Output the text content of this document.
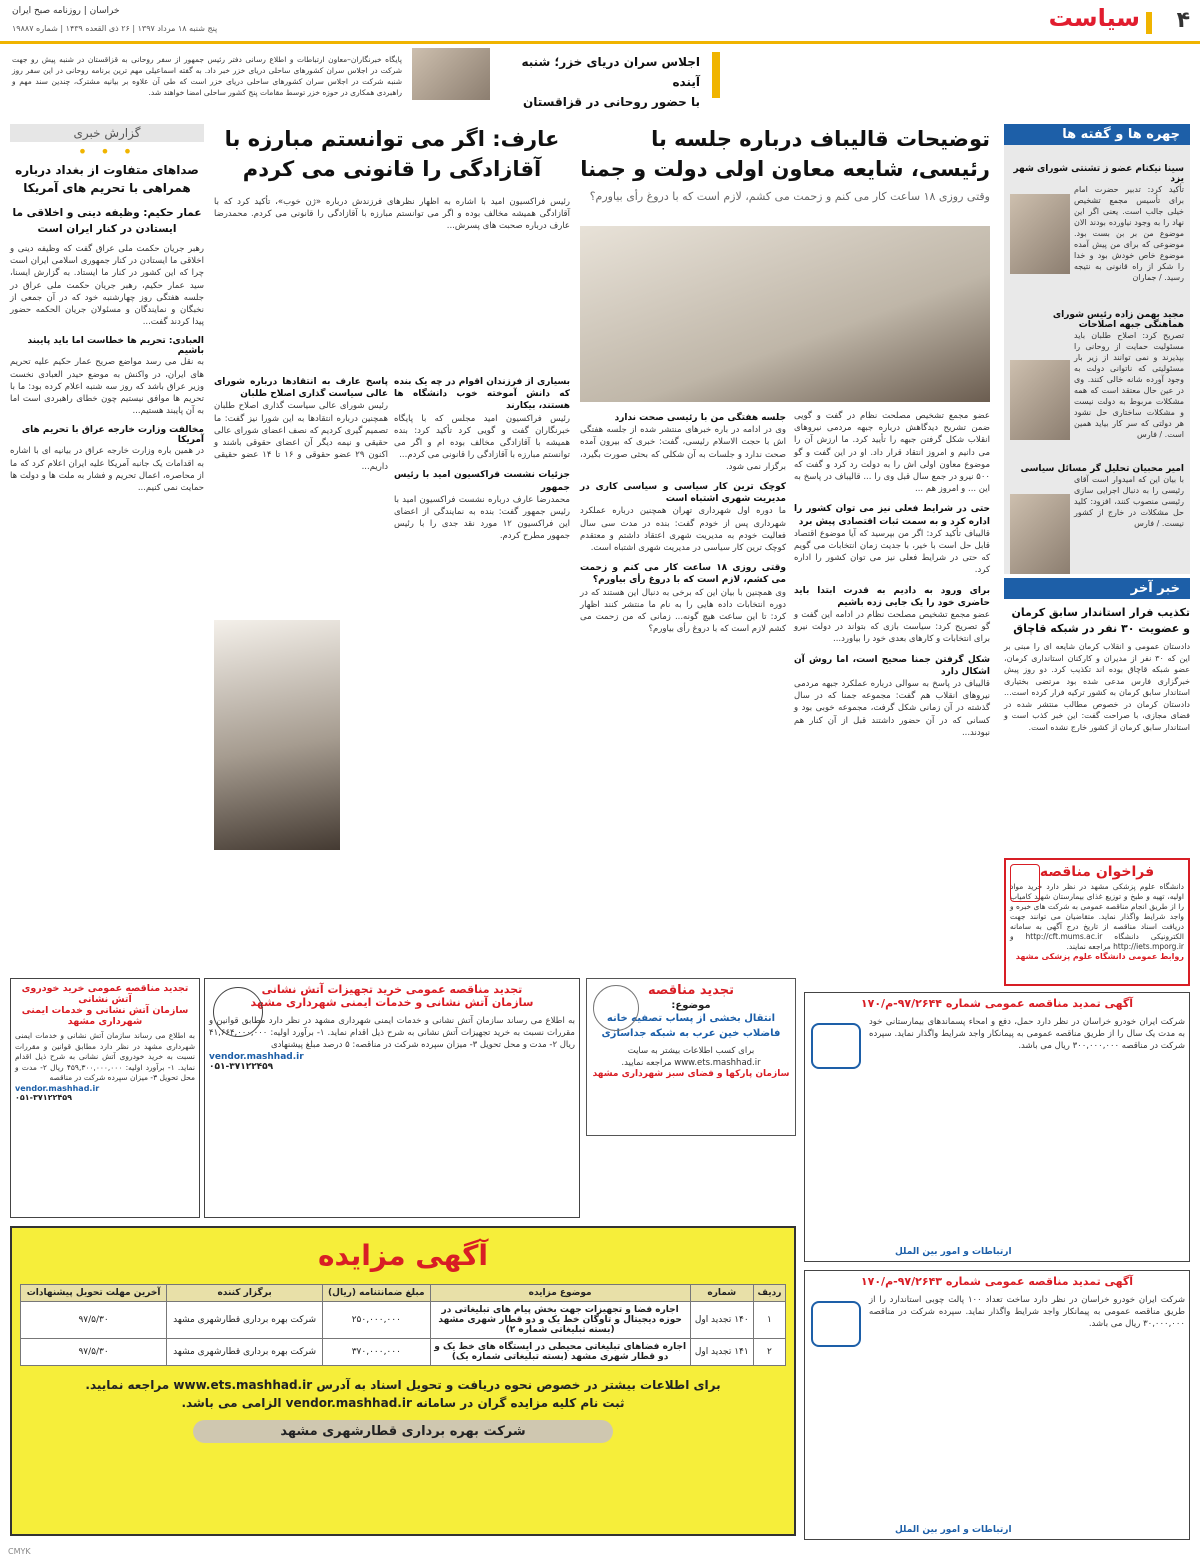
۴
سیاست
خراسان | روزنامه صبح ایران
پنج شنبه ۱۸ مرداد ۱۳۹۷ | ۲۶ ذی القعده ۱۴۳۹ | شماره ۱۹۸۸۷
اجلاس سران دریای خزر؛ شنبه آینده
با حضور روحانی در قزاقستان
پایگاه خبرنگاران–معاون ارتباطات و اطلاع رسانی دفتر رئیس جمهور از سفر روحانی به قزاقستان در شنبه پیش رو جهت شرکت در اجلاس سران کشورهای ساحلی دریای خزر خبر داد. به گفته اسماعیلی مهم ترین برنامه روحانی در این سفر روز شنبه شرکت در اجلاس سران کشورهای ساحلی دریای خزر است که طی آن علاوه بر بیانیه مشترک، چندین سند مهم و راهبردی همکاری در حوزه خزر توسط مقامات پنج کشور ساحلی امضا خواهند شد.
چهره ها و گفته ها
سینا نیکنام عضو ز تشنتی شورای شهر یزد
تأکید کرد: تدبیر حضرت امام برای تأسیس مجمع تشخیص خیلی جالب است. یعنی اگر این نهاد را به وجود نیاورده بودند الان موضوع من بر بن بست بود. موضوعی که برای من پیش آمده موضوع خاص خودش بود و خدا را شکر از راه قانونی به نتیجه رسید. / جماران
مجید بهمن زاده رئیس شورای هماهنگی جبهه اصلاحات
تصریح کرد: اصلاح طلبان باید مسئولیت حمایت از روحانی را بپذیرند و نمی توانند از زیر بار مسئولیتی که ناتوانی دولت به وجود آورده شانه خالی کنند. وی در عین حال معتقد است که همه مشکلات مربوط به دولت نیست و مشکلات ساختاری حل نشود هر دولتی که سر کار بیاید همین است. / فارس
امیر محبیان تحلیل گر مسائل سیاسی
با بیان این که امیدوار است آقای رئیسی را به دنبال اجرایی سازی رئیسی منصوب کنند، افزود: کلید حل مشکلات در خارج از کشور نیست. / فارس
خبر آخر
تکذیب فرار استاندار سابق کرمان و عضویت ۳۰ نفر در شبکه قاچاق
دادستان عمومی و انقلاب کرمان شایعه ای را مبنی بر این که ۳۰ نفر از مدیران و کارکنان استانداری کرمان، عضو شبکه قاچاق بوده اند تکذیب کرد. دو روز پیش خبرگزاری فارس مدعی شده بود مرتضی بختیاری استاندار سابق کرمان به کشور ترکیه فرار کرده است... دادستان کرمان در خصوص مطالب منتشر شده در فضای مجازی، با صراحت گفت: این خبر کذب است و استاندار سابق کرمان از کشور خارج نشده است.
فراخوان مناقصه
دانشگاه علوم پزشکی مشهد در نظر دارد خرید مواد اولیه، تهیه و طبخ و توزیع غذای بیمارستان شهید کامیاب را از طریق انجام مناقصه عمومی به شرکت های خبره و واجد شرایط واگذار نماید. متقاضیان می توانند جهت دریافت اسناد مناقصه از تاریخ درج آگهی به سامانه الکترونیکی دانشگاه http://cft.mums.ac.ir و http://iets.mporg.ir مراجعه نمایند.
روابط عمومی دانشگاه علوم پزشکی مشهد
آگهی تمدید مناقصه عمومی شماره ۹۷/۲۶۴۴-م/۱۷۰
شرکت ایران خودرو خراسان در نظر دارد حمل، دفع و امحاء پسماندهای بیمارستانی خود به مدت یک سال را از طریق مناقصه عمومی به پیمانکار واجد شرایط واگذار نماید. سپرده شرکت در مناقصه ۳۰۰,۰۰۰,۰۰۰ ریال می باشد.
ارتباطات و امور بین الملل
آگهی تمدید مناقصه عمومی شماره ۹۷/۲۶۴۳-م/۱۷۰
شرکت ایران خودرو خراسان در نظر دارد ساخت تعداد ۱۰۰ پالت چوبی استاندارد را از طریق مناقصه عمومی به پیمانکار واجد شرایط واگذار نماید. سپرده شرکت در مناقصه ۳۰,۰۰۰,۰۰۰ ریال می باشد.
ارتباطات و امور بین الملل
توضیحات قالیباف درباره جلسه با رئیسی، شایعه معاون اولی دولت و جمنا
وقتی روزی ۱۸ ساعت کار می کنم و زحمت می کشم، لازم است که با دروغ رأی بیاورم؟
عضو مجمع تشخیص مصلحت نظام در گفت و گویی ضمن تشریح دیدگاهش درباره جبهه مردمی نیروهای انقلاب شکل گرفتن جبهه را تأیید کرد. ما ارزش آن را می دانیم و امروز انتقاد قرار داد. او در این گفت و گو موضوع معاون اولی اش را به دولت رد کرد و گفت که ۵۰۰ نیرو در جمع سال قبل وی را ... قالیباف در پاسخ به این ... و امروز هم ...
حتی در شرایط فعلی نیز می توان کشور را اداره کرد و به سمت ثبات اقتصادی پیش برد
قالیباف تأکید کرد: اگر من بپرسید که آیا موضوع اقتصاد قابل حل است با خیر، با جدیت زمان انتخابات می گویم که حتی در شرایط فعلی نیز می توان کشور را اداره کرد.
برای ورود به دادیم به قدرت ابتدا باید حاضری خود را یک جایی زده باشیم
عضو مجمع تشخیص مصلحت نظام در ادامه این گفت و گو تصریح کرد: سیاست بازی که بتواند در دولت نیرو برای انتخابات و کارهای بعدی خود را بیاورد...
شکل گرفتن جمنا صحیح است، اما روش آن اشکال دارد
قالیباف در پاسخ به سوالی درباره عملکرد جبهه مردمی نیروهای انقلاب هم گفت: مجموعه جمنا که در سال گذشته در آن زمانی شکل گرفت، مجموعه خوبی بود و کسانی که در آن حضور داشتند قبل از آن کنار هم نبودند...
جلسه هفتگی من با رئیسی صحت ندارد
وی در ادامه در باره خبرهای منتشر شده از جلسه هفتگی اش با حجت الاسلام رئیسی، گفت: خبری که بیرون آمده صحت ندارد و جلسات به آن شکلی که بحثی صورت بگیرد، برگزار نمی شود.
کوچک ترین کار سیاسی و سیاسی کاری در مدیریت شهری اشتباه است
ما دوره اول شهرداری تهران همچنین درباره عملکرد شهرداری پس از خودم گفت: بنده در مدت سی سال فعالیت خودم به مدیریت شهری اعتقاد داشتم و معتقدم کوچک ترین کار سیاسی در مدیریت شهری اشتباه است.
وقتی روزی ۱۸ ساعت کار می کنم و زحمت می کشم، لازم است که با دروغ رأی بیاورم؟
وی همچنین با بیان این که برخی به دنبال این هستند که در دوره انتخابات داده هایی را به نام ما منتشر کنند اظهار کرد: تا این ساعت هیچ گونه... زمانی که من زحمت می کشم لازم است که با دروغ رأی بیاورم؟
عارف: اگر می توانستم مبارزه با آقازادگی را قانونی می کردم
رئیس فراکسیون امید با اشاره به اظهار نظرهای فرزندش درباره «ژن خوب»، تأکید کرد که با آقازادگی همیشه مخالف بوده و اگر می توانستم مبارزه با آقازادگی را قانونی می کردم. محمدرضا عارف درباره صحبت های پسرش...
بسیاری از فرزندان اقوام در چه یک بنده که دانش آموخته خوب دانشگاه ها هستند، بیکارند
رئیس فراکسیون امید مجلس که با پایگاه خبرنگاران گفت و گویی کرد تأکید کرد: بنده همیشه با آقازادگی مخالف بوده ام و اگر می توانستم مبارزه با آقازادگی را قانونی می کردم...
جزئیات نشست فراکسیون امید با رئیس جمهور
محمدرضا عارف درباره نشست فراکسیون امید با رئیس جمهور گفت: بنده به نمایندگی از اعضای این فراکسیون ۱۲ مورد نقد جدی را با رئیس جمهور مطرح کردم.
پاسخ عارف به انتقادها درباره شورای عالی سیاست گذاری اصلاح طلبان
رئیس شورای عالی سیاست گذاری اصلاح طلبان همچنین درباره انتقادها به این شورا نیز گفت: ما تصمیم گیری کردیم که نصف اعضای شورای عالی حقیقی و نیمه دیگر آن اعضای حقوقی باشند و اکنون ۲۹ عضو حقوقی و ۱۶ تا ۱۴ عضو حقیقی داریم...
گزارش خبری
• • •
صداهای متفاوت از بغداد درباره همراهی با تحریم های آمریکا
عمار حکیم: وظیفه دینی و اخلاقی ما ایستادن در کنار ایران است
رهبر جریان حکمت ملی عراق گفت که وظیفه دینی و اخلاقی ما ایستادن در کنار جمهوری اسلامی ایران است چرا که این کشور در کنار ما ایستاد. به گزارش ایسنا، سید عمار حکیم، رهبر جریان حکمت ملی عراق در جلسه هفتگی روز چهارشنبه خود که در آن جمعی از نخبگان و نمایندگان و مسئولان جریان الحکمه حضور پیدا کردند گفت...
العبادی: تحریم ها خطاست اما باید پایبند باشیم
به نقل می رسد مواضع صریح عمار حکیم علیه تحریم های ایران، در واکنش به موضع حیدر العبادی نخست وزیر عراق باشد که روز سه شنبه اعلام کرده بود: ما با تحریم ها موافق نیستیم چون خطای راهبردی است اما به آن پایبند هستیم...
مخالفت وزارت خارجه عراق با تحریم های آمریکا
در همین باره وزارت خارجه عراق در بیانیه ای با اشاره به اقدامات یک جانبه آمریکا علیه ایران اعلام کرد که ما از محاصره، اعمال تحریم و فشار به ملت ها و دولت ها حمایت نمی کنیم...
تجدید مناقصه
موضوع:
انتقال بخشی از پساب تصفیه خانه فاضلاب خین عرب به شبکه جداسازی
برای کسب اطلاعات بیشتر به سایت www.ets.mashhad.ir مراجعه نمایید.
سازمان پارکها و فضای سبز شهرداری مشهد
تجدید مناقصه عمومی خرید تجهیزات آتش نشانی
سازمان آتش نشانی و خدمات ایمنی شهرداری مشهد
به اطلاع می رساند سازمان آتش نشانی و خدمات ایمنی شهرداری مشهد در نظر دارد مطابق قوانین و مقررات نسبت به خرید تجهیزات آتش نشانی به شرح ذیل اقدام نماید. ۱- برآورد اولیه: ۴۱,۶۶۴,۰۰۰,۰۰۰ ریال ۲- مدت و محل تحویل ۳- میزان سپرده شرکت در مناقصه: ۵ درصد مبلغ پیشنهادی
vendor.mashhad.ir
۰۵۱-۳۷۱۲۲۴۵۹
تجدید مناقصه عمومی خرید خودروی آتش نشانی
سازمان آتش نشانی و خدمات ایمنی شهرداری مشهد
به اطلاع می رساند سازمان آتش نشانی و خدمات ایمنی شهرداری مشهد در نظر دارد مطابق قوانین و مقررات نسبت به خرید خودروی آتش نشانی به شرح ذیل اقدام نماید. ۱- برآورد اولیه: ۴۵۹,۳۰۰,۰۰۰,۰۰۰ ریال ۲- مدت و محل تحویل ۳- میزان سپرده شرکت در مناقصه
vendor.mashhad.ir
۰۵۱-۳۷۱۲۲۴۵۹
آگهی مزایده
ردیف	شماره	موضوع مزایده	مبلغ ضمانتنامه (ریال)	برگزار کننده	آخرین مهلت تحویل پیشنهادات
۱	۱۴۰ تجدید اول	اجاره فضا و تجهیزات جهت بخش پیام های تبلیغاتی در حوزه دیجیتال و تاوگان خط یک و دو قطار شهری مشهد (بسته تبلیغاتی شماره ۲)	۲۵۰,۰۰۰,۰۰۰	شرکت بهره برداری قطارشهری مشهد	۹۷/۵/۳۰
۲	۱۴۱ تجدید اول	اجاره فضاهای تبلیغاتی محیطی در ایستگاه های خط یک و دو قطار شهری مشهد (بسته تبلیغاتی شماره یک)	۳۷۰,۰۰۰,۰۰۰	شرکت بهره برداری قطارشهری مشهد	۹۷/۵/۳۰
برای اطلاعات بیشتر در خصوص نحوه دریافت و تحویل اسناد به آدرس www.ets.mashhad.ir مراجعه نمایید.
ثبت نام کلیه مزایده گران در سامانه vendor.mashhad.ir الزامی می باشد.
شرکت بهره برداری قطارشهری مشهد
CMYK
